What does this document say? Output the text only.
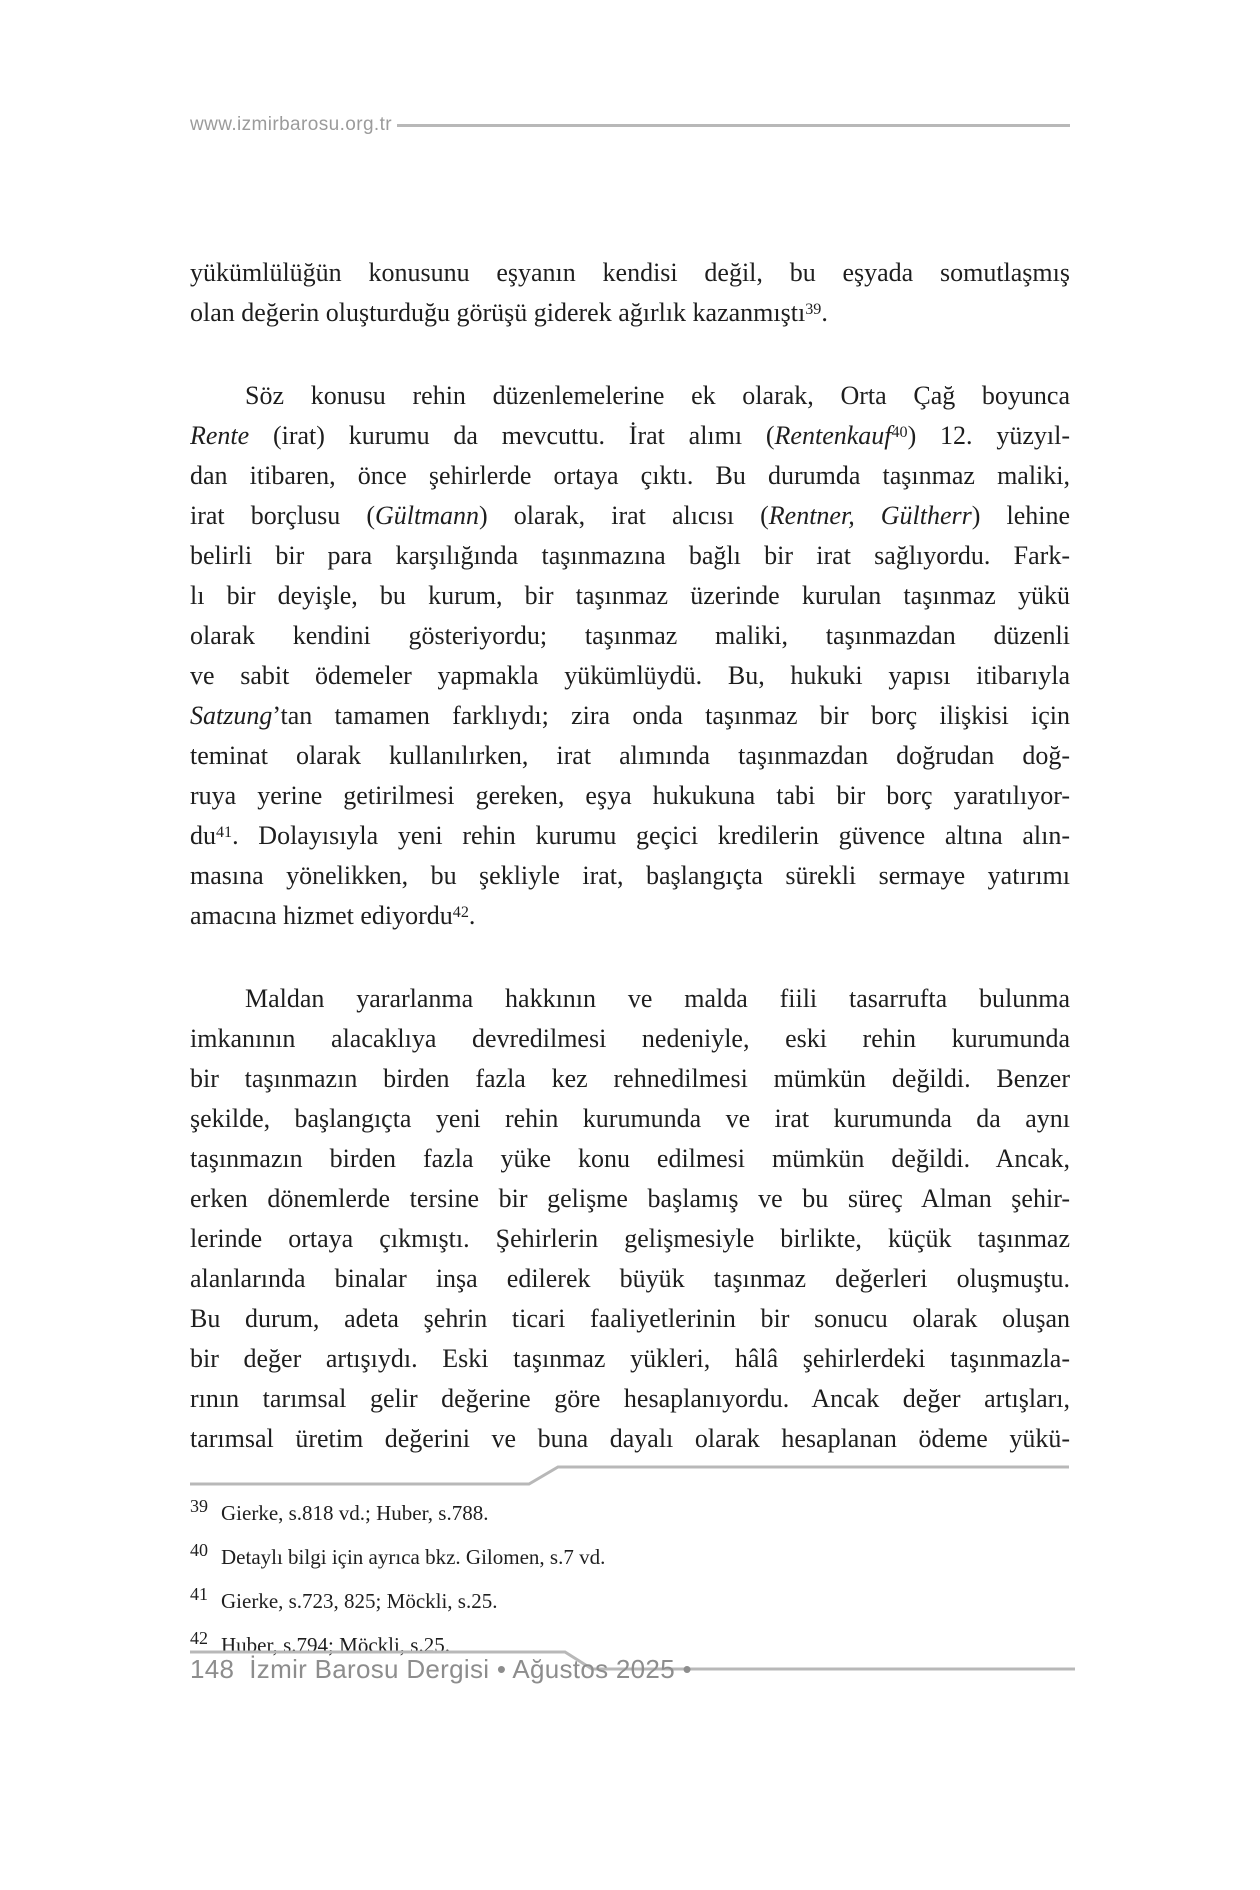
www.izmirbarosu.org.tr
yükümlülüğün konusunu eşyanın kendisi değil, bu eşyada somutlaşmış
olan değerin oluşturduğu görüşü giderek ağırlık kazanmıştı$^{39}$.
Söz konusu rehin düzenlemelerine ek olarak, Orta Çağ boyunca
Rente (irat) kurumu da mevcuttu. İrat alımı (Rentenkauf$^{40}$) 12. yüzyıl-
dan itibaren, önce şehirlerde ortaya çıktı. Bu durumda taşınmaz maliki,
irat borçlusu (Gültmann) olarak, irat alıcısı (Rentner, Gültherr) lehine
belirli bir para karşılığında taşınmazına bağlı bir irat sağlıyordu. Fark-
lı bir deyişle, bu kurum, bir taşınmaz üzerinde kurulan taşınmaz yükü
olarak kendini gösteriyordu; taşınmaz maliki, taşınmazdan düzenli
ve sabit ödemeler yapmakla yükümlüydü. Bu, hukuki yapısı itibarıyla
Satzung’tan tamamen farklıydı; zira onda taşınmaz bir borç ilişkisi için
teminat olarak kullanılırken, irat alımında taşınmazdan doğrudan doğ-
ruya yerine getirilmesi gereken, eşya hukukuna tabi bir borç yaratılıyor-
$du^{41}$. Dolayısıyla yeni rehin kurumu geçici kredilerin güvence altına alın-
masına yönelikken, bu şekliyle irat, başlangıçta sürekli sermaye yatırımı
amacına hizmet ediyordu$^{42}$.
Maldan yararlanma hakkının ve malda fiili tasarrufta bulunma
imkanının alacaklıya devredilmesi nedeniyle, eski rehin kurumunda
bir taşınmazın birden fazla kez rehnedilmesi mümkün değildi. Benzer
şekilde, başlangıçta yeni rehin kurumunda ve irat kurumunda da aynı
taşınmazın birden fazla yüke konu edilmesi mümkün değildi. Ancak,
erken dönemlerde tersine bir gelişme başlamış ve bu süreç Alman şehir-
lerinde ortaya çıkmıştı. Şehirlerin gelişmesiyle birlikte, küçük taşınmaz
alanlarında binalar inşa edilerek büyük taşınmaz değerleri oluşmuştu.
Bu durum, adeta şehrin ticari faaliyetlerinin bir sonucu olarak oluşan
bir değer artışıydı. Eski taşınmaz yükleri, hâlâ şehirlerdeki taşınmazla-
rının tarımsal gelir değerine göre hesaplanıyordu. Ancak değer artışları,
tarımsal üretim değerini ve buna dayalı olarak hesaplanan ödeme yükü-
39 Gierke, s.818 vd.; Huber, s.788.
40 Detaylı bilgi için ayrıca bkz. Gilomen, s.7 vd.
41 Gierke, s.723, 825; Möckli, s.25.
42 Huber, s.794; Möckli, s.25.
148 İzmir Barosu Dergisi • Ağustos 2025 •
